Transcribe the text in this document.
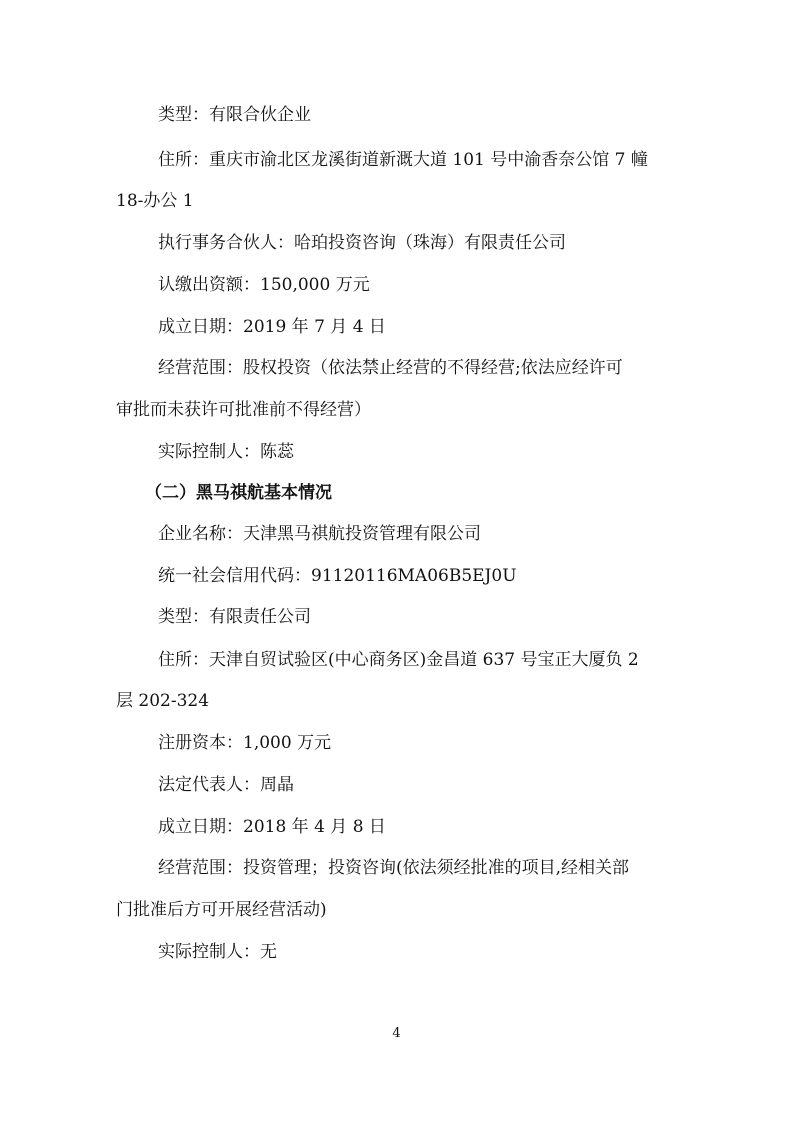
类型：有限合伙企业
住所：重庆市渝北区龙溪街道新溉大道 101 号中渝香奈公馆 7 幢
18-办公 1
执行事务合伙人：哈珀投资咨询（珠海）有限责任公司
认缴出资额：150,000 万元
成立日期：2019 年 7 月 4 日
经营范围：股权投资（依法禁止经营的不得经营;依法应经许可
审批而未获许可批准前不得经营）
实际控制人：陈蕊
（二）黑马祺航基本情况
企业名称：天津黑马祺航投资管理有限公司
统一社会信用代码：91120116MA06B5EJ0U
类型：有限责任公司
住所：天津自贸试验区(中心商务区)金昌道 637 号宝正大厦负 2
层 202-324
注册资本：1,000 万元
法定代表人：周晶
成立日期：2018 年 4 月 8 日
经营范围：投资管理；投资咨询(依法须经批准的项目,经相关部
门批准后方可开展经营活动)
实际控制人：无
4
